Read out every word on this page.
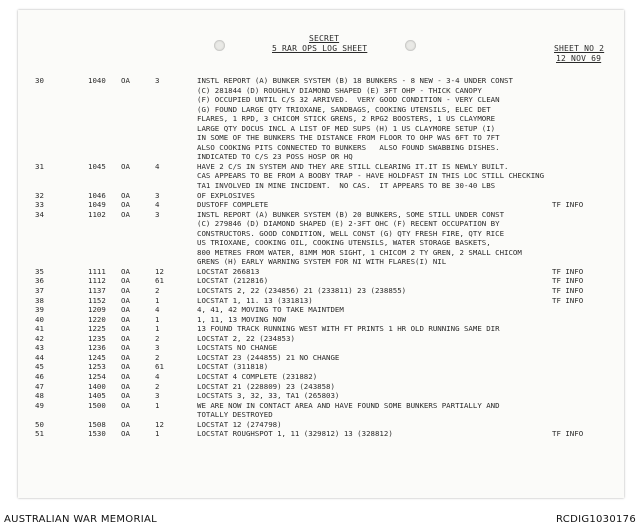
SECRET
5 RAR OPS LOG SHEET	SHEET NO 2
12 NOV 69
30	1040 OA	3	INSTL REPORT (A) BUNKER SYSTEM (B) 18 BUNKERS - 8 NEW - 3-4 UNDER CONST
(C) 281844 (D) ROUGHLY DIAMOND SHAPED (E) 3FT OHP - THICK CANOPY
(F) OCCUPIED UNTIL C/S 32 ARRIVED.  VERY GOOD CONDITION - VERY CLEAN
(G) FOUND LARGE QTY TRIOXANE, SANDBAGS, COOKING UTENSILS, ELEC DET
FLARES, 1 RPD, 3 CHICOM STICK GRENS, 2 RPG2 BOOSTERS, 1 US CLAYMORE
LARGE QTY DOCUS INCL A LIST OF MED SUPS (H) 1 US CLAYMORE SETUP (I)
IN SOME OF THE BUNKERS THE DISTANCE FROM FLOOR TO OHP WAS 6FT TO 7FT
ALSO COOKING PITS CONNECTED TO BUNKERS   ALSO FOUND SWABBING DISHES.
INDICATED TO C/S 23 POSS HOSP OR HQ
31	1045 OA	4	HAVE 2 C/S IN SYSTEM AND THEY ARE STILL CLEARING IT.IT IS NEWLY BUILT.
CAS APPEARS TO BE FROM A BOOBY TRAP - HAVE HOLDFAST IN THIS LOC STILL CHECKING
TA1 INVOLVED IN MINE INCIDENT.  NO CAS.  IT APPEARS TO BE 30-40 LBS
32	1046 OA	3	OF EXPLOSIVES
33	1049 OA	4	DUSTOFF COMPLETE	TF INFO
34	1102 OA	3	INSTL REPORT (A) BUNKER SYSTEM (B) 20 BUNKERS, SOME STILL UNDER CONST
(C) 279846 (D) DIAMOND SHAPED (E) 2-3FT OHC (F) RECENT OCCUPATION BY
CONSTRUCTORS. GOOD CONDITION, WELL CONST (G) QTY FRESH FIRE, QTY RICE
US TRIOXANE, COOKING OIL, COOKING UTENSILS, WATER STORAGE BASKETS,
800 METRES FROM WATER, 81MM MOR SIGHT, 1 CHICOM 2 TY GREN, 2 SMALL CHICOM
GRENS (H) EARLY WARNING SYSTEM FOR NI WITH FLARES(I) NIL
35	1111 OA	12	LOCSTAT 266813	TF INFO
36	1112 OA	61	LOCSTAT (212816)	TF INFO
37	1137 OA	2	LOCSTATS 2, 22 (234856) 21 (233811) 23 (238855)	TF INFO
38	1152 OA	1	LOCSTAT 1, 11. 13 (331813)	TF INFO
39	1209 OA	4	4, 41, 42 MOVING TO TAKE MAINTDEM
40	1220 OA	1	1, 11, 13 MOVING NOW
41	1225 OA	1	13 FOUND TRACK RUNNING WEST WITH FT PRINTS 1 HR OLD RUNNING SAME DIR
42	1235 OA	2	LOCSTAT 2, 22 (234853)
43	1236 OA	3	LOCSTATS NO CHANGE
44	1245 OA	2	LOCSTAT 23 (244855) 21 NO CHANGE
45	1253 OA	61	LOCSTAT (311818)
46	1254 OA	4	LOCSTAT 4 COMPLETE (231882)
47	1400 OA	2	LOCSTAT 21 (228809) 23 (243858)
48	1405 OA	3	LOCSTATS 3, 32, 33, TA1 (265803)
49	1500 OA	1	WE ARE NOW IN CONTACT AREA AND HAVE FOUND SOME BUNKERS PARTIALLY AND
TOTALLY DESTROYED
50	1508 OA	12	LOCSTAT 12 (274798)
51	1530 OA	1	LOCSTAT ROUGHSPOT 1, 11 (329812) 13 (328812)	TF INFO
AUSTRALIAN WAR MEMORIAL	RCDIG1030176
